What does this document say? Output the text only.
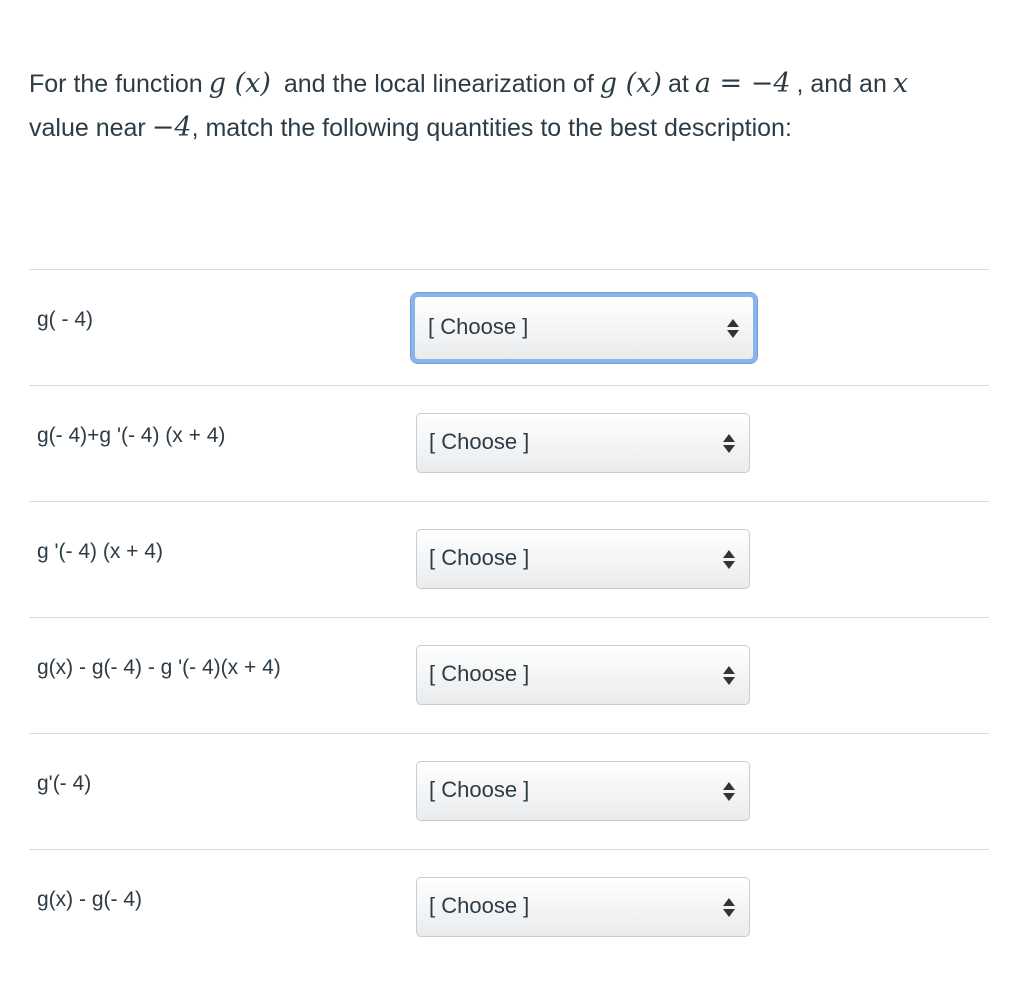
For the function g (x) and the local linearization of g (x) at a = −4 , and an x
value near −4, match the following quantities to the best description:
g( - 4)	[ Choose ]
g(- 4)+g '(- 4) (x + 4)	[ Choose ]
g '(- 4) (x + 4)	[ Choose ]
g(x) - g(- 4) - g '(- 4)(x + 4)	[ Choose ]
g'(- 4)	[ Choose ]
g(x) - g(- 4)	[ Choose ]
